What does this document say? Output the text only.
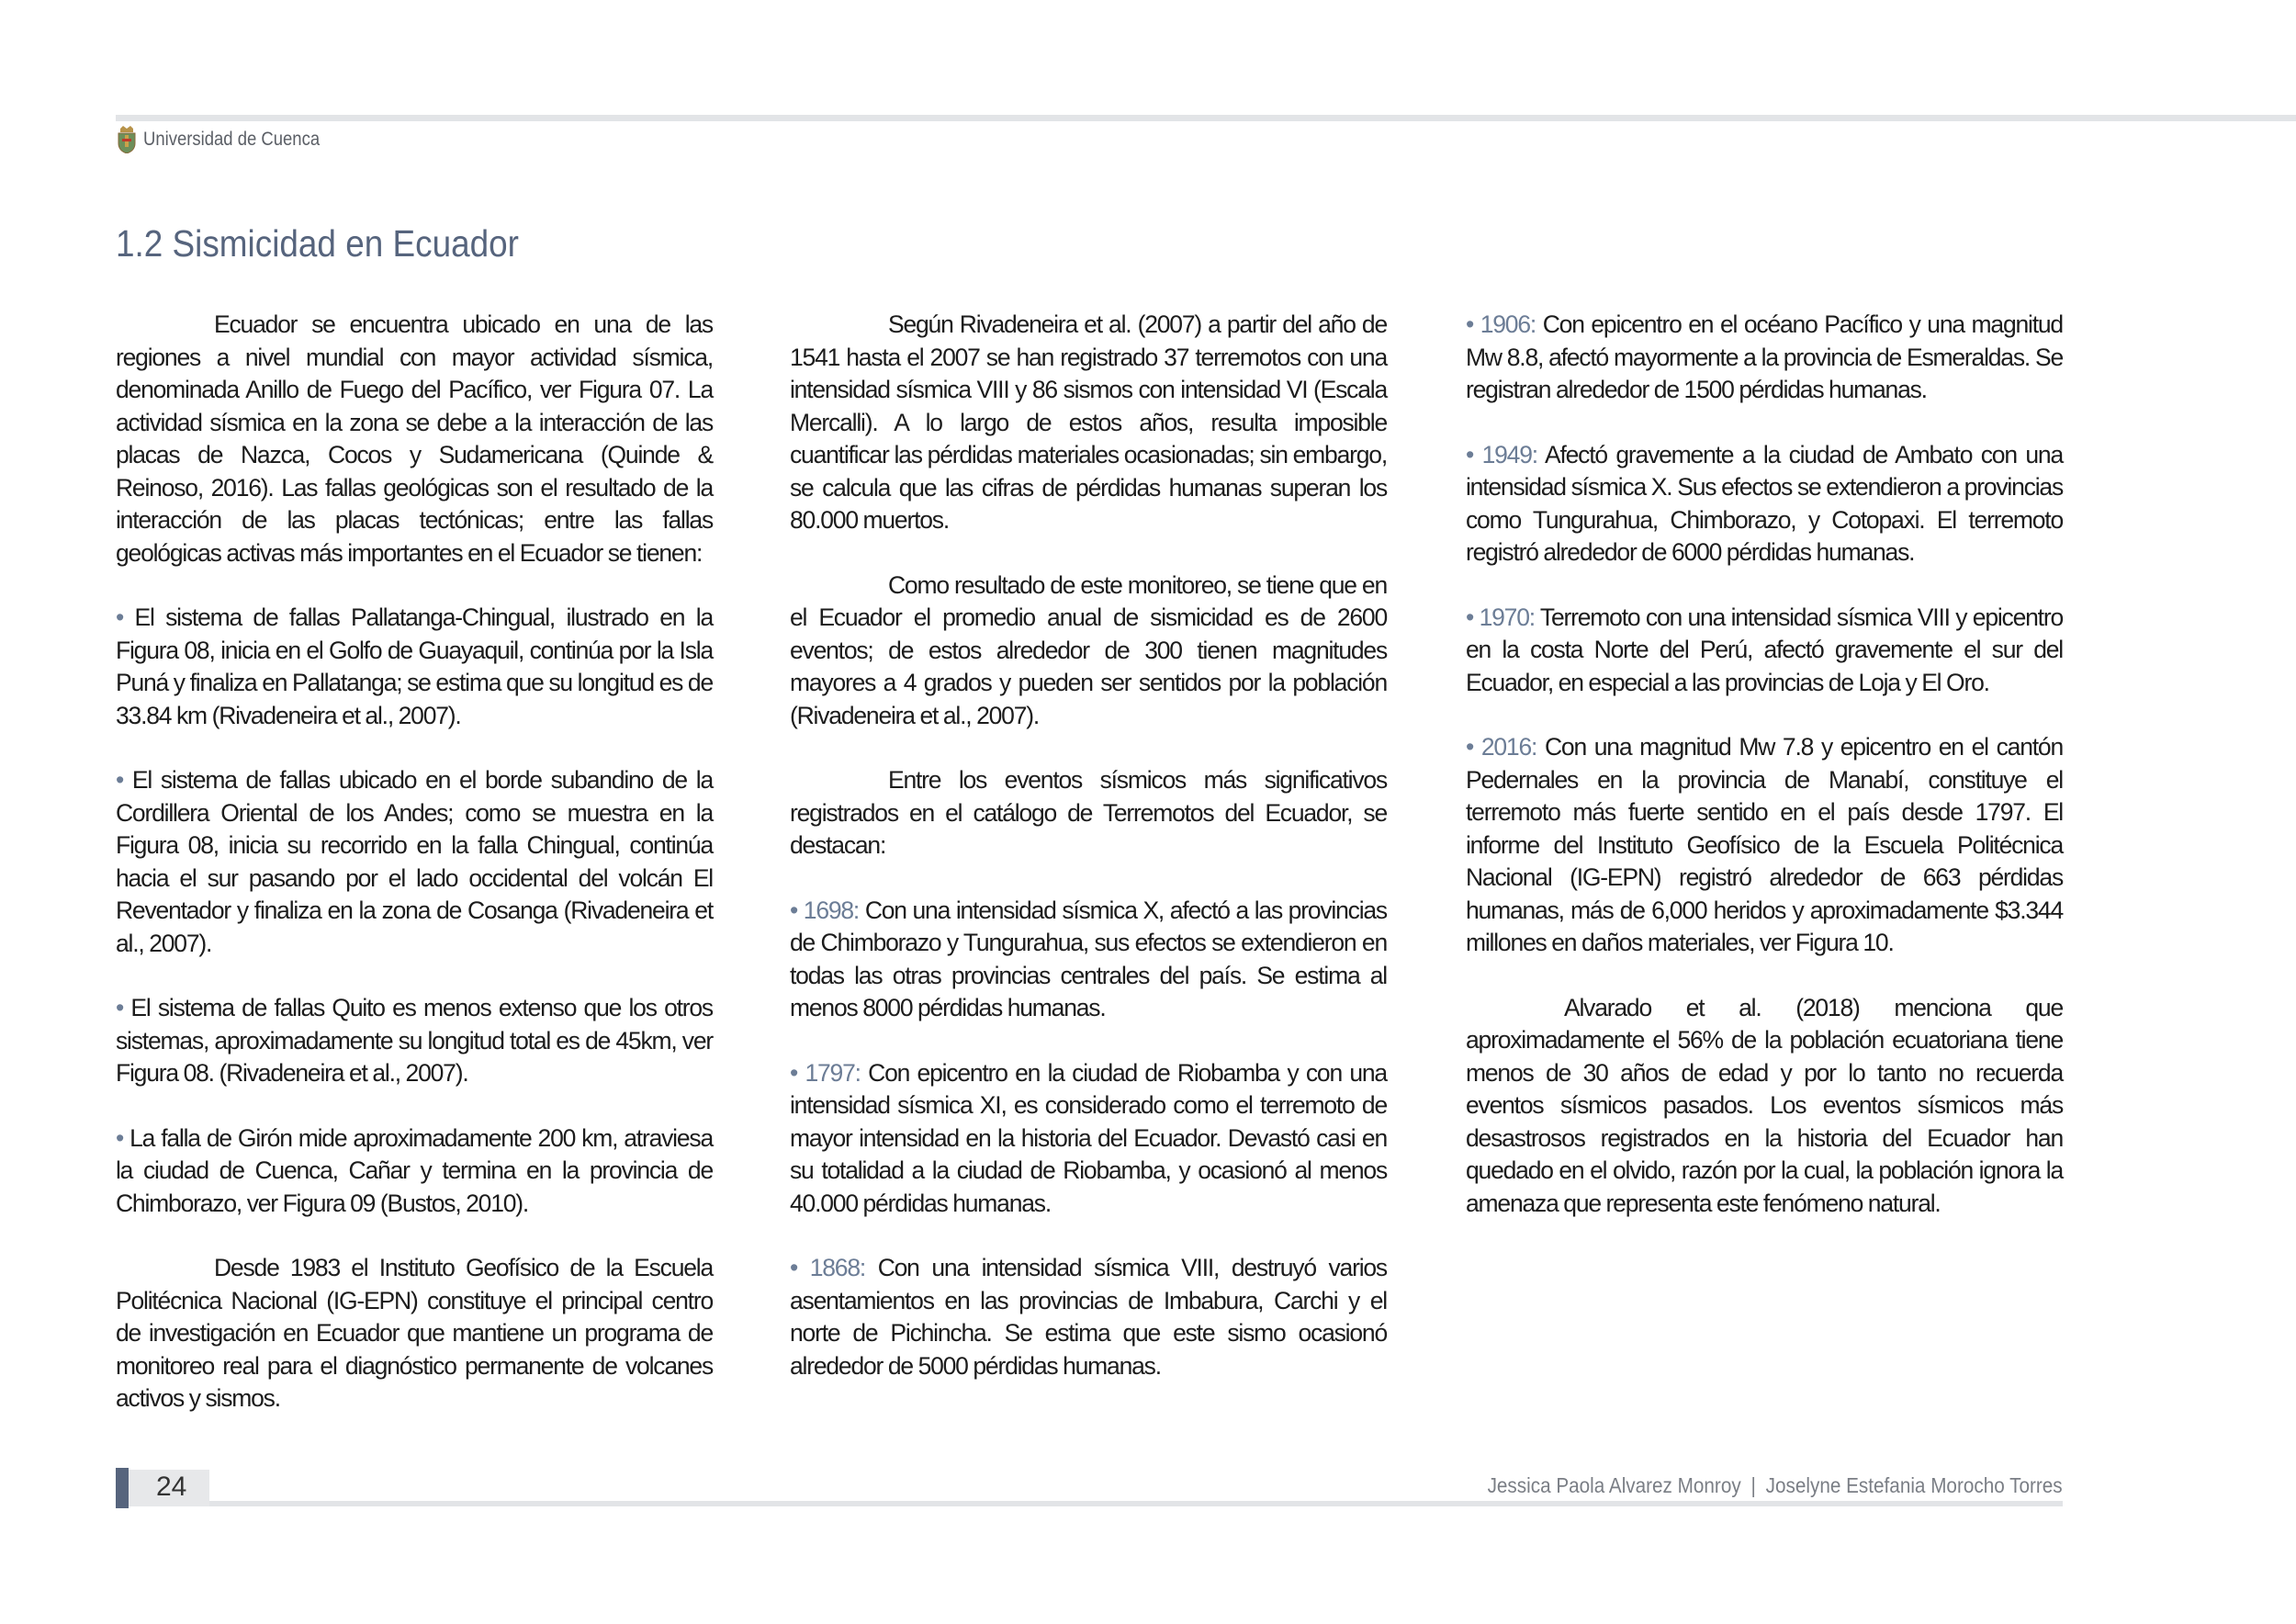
Universidad de Cuenca
1.2 Sismicidad en Ecuador

Ecuador se encuentra ubicado en una de las regiones a nivel mundial con mayor actividad sísmica, denominada Anillo de Fuego del Pacífico, ver Figura 07. La actividad sísmica en la zona se debe a la interacción de las placas de Nazca, Cocos y Sudamericana (Quinde & Reinoso, 2016). Las fallas geológicas son el resultado de la interacción de las placas tectónicas; entre las fallas geológicas activas más importantes en el Ecuador se tienen:

• El sistema de fallas Pallatanga-Chingual, ilustrado en la Figura 08, inicia en el Golfo de Guayaquil, continúa por la Isla Puná y finaliza en Pallatanga; se estima que su longitud es de 33.84 km (Rivadeneira et al., 2007).

• El sistema de fallas ubicado en el borde subandino de la Cordillera Oriental de los Andes; como se muestra en la Figura 08, inicia su recorrido en la falla Chingual, continúa hacia el sur pasando por el lado occidental del volcán El Reventador y finaliza en la zona de Cosanga (Rivadeneira et al., 2007).

• El sistema de fallas Quito es menos extenso que los otros sistemas, aproximadamente su longitud total es de 45km, ver Figura 08. (Rivadeneira et al., 2007).

• La falla de Girón mide aproximadamente 200 km, atraviesa la ciudad de Cuenca, Cañar y termina en la provincia de Chimborazo, ver Figura 09 (Bustos, 2010).

Desde 1983 el Instituto Geofísico de la Escuela Politécnica Nacional (IG-EPN) constituye el principal centro de investigación en Ecuador que mantiene un programa de monitoreo real para el diagnóstico permanente de volcanes activos y sismos.

Según Rivadeneira et al. (2007) a partir del año de 1541 hasta el 2007 se han registrado 37 terremotos con una intensidad sísmica VIII y 86 sismos con intensidad VI (Escala Mercalli). A lo largo de estos años, resulta imposible cuantificar las pérdidas materiales ocasionadas; sin embargo, se calcula que las cifras de pérdidas humanas superan los 80.000 muertos.

Como resultado de este monitoreo, se tiene que en el Ecuador el promedio anual de sismicidad es de 2600 eventos; de estos alrededor de 300 tienen magnitudes mayores a 4 grados y pueden ser sentidos por la población (Rivadeneira et al., 2007).

Entre los eventos sísmicos más significativos registrados en el catálogo de Terremotos del Ecuador, se destacan:

• 1698: Con una intensidad sísmica X, afectó a las provincias de Chimborazo y Tungurahua, sus efectos se extendieron en todas las otras provincias centrales del país. Se estima al menos 8000 pérdidas humanas.

• 1797: Con epicentro en la ciudad de Riobamba y con una intensidad sísmica XI, es considerado como el terremoto de mayor intensidad en la historia del Ecuador. Devastó casi en su totalidad a la ciudad de Riobamba, y ocasionó al menos 40.000 pérdidas humanas.

• 1868: Con una intensidad sísmica VIII, destruyó varios asentamientos en las provincias de Imbabura, Carchi y el norte de Pichincha. Se estima que este sismo ocasionó alrededor de 5000 pérdidas humanas.

• 1906: Con epicentro en el océano Pacífico y una magnitud Mw 8.8, afectó mayormente a la provincia de Esmeraldas. Se registran alrededor de 1500 pérdidas humanas.

• 1949: Afectó gravemente a la ciudad de Ambato con una intensidad sísmica X. Sus efectos se extendieron a provincias como Tungurahua, Chimborazo, y Cotopaxi. El terremoto registró alrededor de 6000 pérdidas humanas.

• 1970: Terremoto con una intensidad sísmica VIII y epicentro en la costa Norte del Perú, afectó gravemente el sur del Ecuador, en especial a las provincias de Loja y El Oro.

• 2016: Con una magnitud Mw 7.8 y epicentro en el cantón Pedernales en la provincia de Manabí, constituye el terremoto más fuerte sentido en el país desde 1797. El informe del Instituto Geofísico de la Escuela Politécnica Nacional (IG-EPN) registró alrededor de 663 pérdidas humanas, más de 6,000 heridos y aproximadamente $3.344 millones en daños materiales, ver Figura 10.

Alvarado et al. (2018) menciona que aproximadamente el 56% de la población ecuatoriana tiene menos de 30 años de edad y por lo tanto no recuerda eventos sísmicos pasados. Los eventos sísmicos más desastrosos registrados en la historia del Ecuador han quedado en el olvido, razón por la cual, la población ignora la amenaza que representa este fenómeno natural.

24	Jessica Paola Alvarez Monroy | Joselyne Estefania Morocho Torres
